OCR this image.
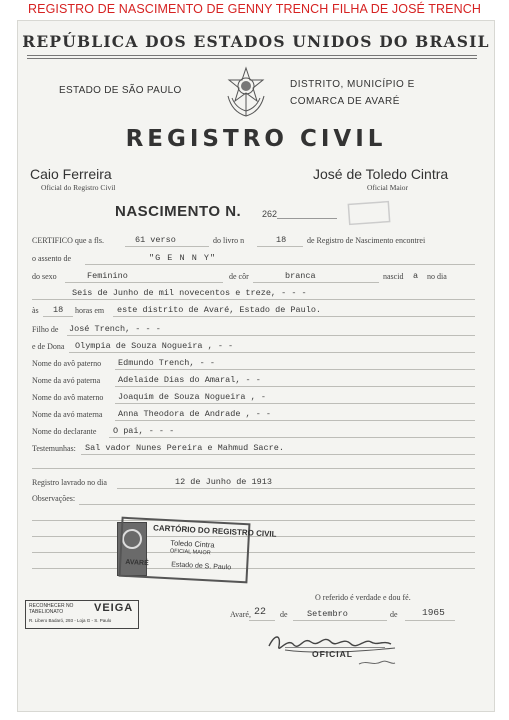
REGISTRO DE NASCIMENTO DE GENNY TRENCH FILHA DE JOSÉ TRENCH
REPÚBLICA DOS ESTADOS UNIDOS DO BRASIL
ESTADO DE SÃO PAULO
DISTRITO, MUNICÍPIO E
COMARCA DE AVARÉ
REGISTRO CIVIL
Caio Ferreira
Oficial do Registro Civil
José de Toledo Cintra
Oficial Maior
NASCIMENTO N. 262
CERTIFICO que a fls.	61 verso	do livro n	18	de Registro de Nascimento encontrei
o assento de	"G E N N Y"
do sexo	Feminino	de côr	branca	nascid a no dia
Seis de Junho de mil novecentos e treze, - - -
às 18 horas em este distrito de Avaré, Estado de Paulo.
Filho de José Trench, - - -
e de Dona Olympia de Souza Nogueira , - -
Nome do avô paterno Edmundo Trench, - -
Nome da avó paterna Adelaide Dias do Amaral, - -
Nome do avô materno Joaquim de Souza Nogueira , -
Nome da avó materna Anna Theodora de Andrade , - -
Nome do declarante O pai, - - -
Testemunhas: Sal vador Nunes Pereira e Mahmud Sacre.
Registro lavrado no dia	12 de Junho de 1913
Observações:
CARTÓRIO DO REGISTRO CIVIL
Toledo Cintra
OFICIAL MAIOR
AVARÉ	Estado de S. Paulo
O referido é verdade e dou fé.
Avaré, 22 de Setembro	de	1965
OFICIAL
RECONHECER NO
TABELIONATO	VEIGA
R. Libero Badaró, 293 - Loja G - S. Paulo
